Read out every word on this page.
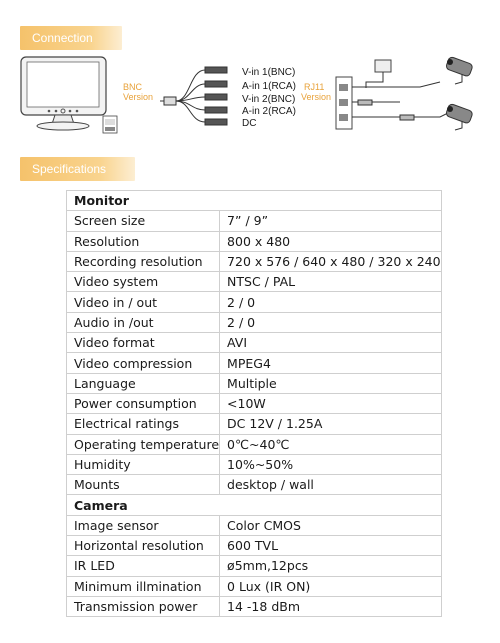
Connection
BNC
Version
V-in 1(BNC)
A-in 1(RCA)
V-in 2(BNC)
A-in 2(RCA)
DC
RJ11
Version
Specifications
Monitor	
Screen size	7” / 9”
Resolution	800 x 480
Recording resolution	720 x 576 / 640 x 480 / 320 x 240
Video system	NTSC / PAL
Video in / out	2 / 0
Audio in /out	2 / 0
Video format	AVI
Video compression	MPEG4
Language	Multiple
Power consumption	<10W
Electrical ratings	DC 12V / 1.25A
Operating temperature	0℃~40℃
Humidity	10%~50%
Mounts	desktop / wall
Camera	
Image sensor	Color CMOS
Horizontal resolution	600 TVL
IR LED	ø5mm,12pcs
Minimum illmination	0 Lux (IR ON)
Transmission power	14 -18 dBm
